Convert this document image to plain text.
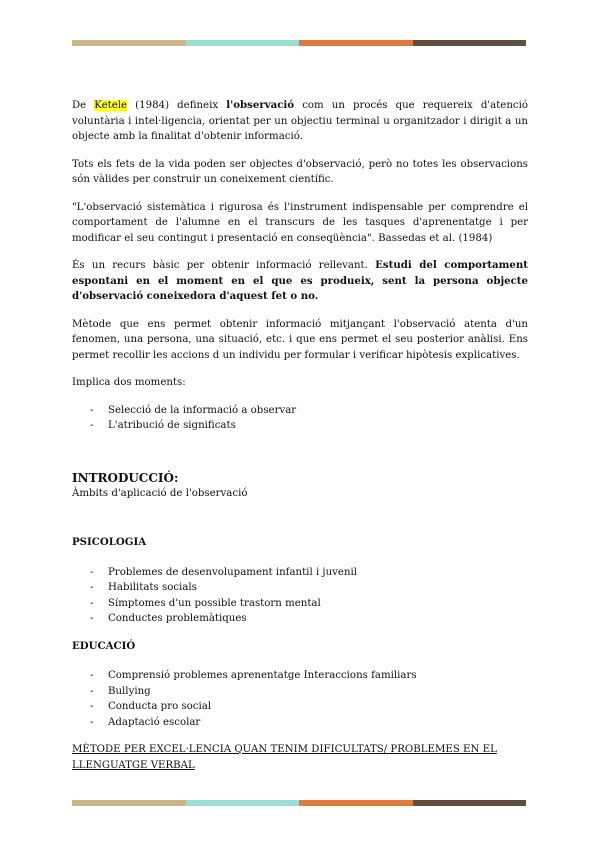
De Ketele (1984) defineix l'observació com un procés que requereix d'atenció voluntària i intel·ligencia, orientat per un objectiu terminal u organitzador i dirigit a un objecte amb la finalitat d'obtenir informació.

Tots els fets de la vida poden ser objectes d'observació, però no totes les observacions són vàlides per construir un coneixement científic.

"L'observació sistemàtica i rigurosa és l'instrument indispensable per comprendre el comportament de l'alumne en el transcurs de les tasques d'aprenentatge i per modificar el seu contingut i presentació en conseqüència". Bassedas et al. (1984)

És un recurs bàsic per obtenir informació rellevant. Estudi del comportament espontani en el moment en el que es produeix, sent la persona objecte d'observació coneixedora d'aquest fet o no.

Mètode que ens permet obtenir informació mitjançant l'observació atenta d'un fenomen, una persona, una situació, etc. i que ens permet el seu posterior anàlisi. Ens permet recollir les accions d un individu per formular i verificar hipòtesis explicatives.

Implica dos moments:

- Selecció de la informació a observar
- L'atribució de significats

INTRODUCCIÓ:

Àmbits d'aplicació de l'observació

PSICOLOGIA

- Problemes de desenvolupament infantil i juvenil
- Habilitats socials
- Símptomes d'un possible trastorn mental
- Conductes problemàtiques

EDUCACIÓ

- Comprensió problemes aprenentatge Interaccions familiars
- Bullying
- Conducta pro social
- Adaptació escolar

MÈTODE PER EXCEL·LENCIA QUAN TENIM DIFICULTATS/ PROBLEMES EN EL LLENGUATGE VERBAL
